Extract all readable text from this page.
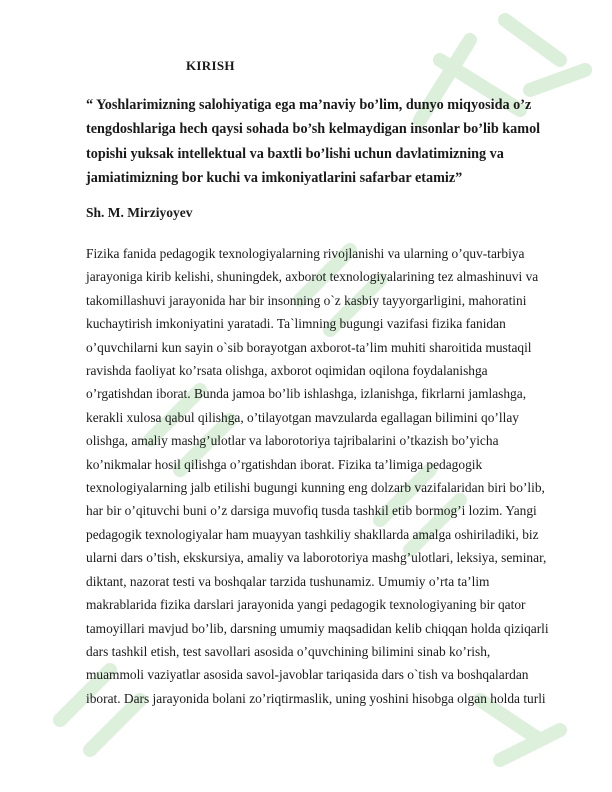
KIRISH

“ Yoshlarimizning salohiyatiga ega ma’naviy bo’lim, dunyo miqyosida o’z
tengdoshlariga hech qaysi sohada bo’sh kelmaydigan insonlar bo’lib kamol
topishi yuksak intellektual va baxtli bo’lishi uchun davlatimizning va
jamiatimizning bor kuchi va imkoniyatlarini safarbar etamiz”

Sh. M. Mirziyoyev

Fizika fanida pedagogik texnologiyalarning rivojlanishi va ularning o’quv-tarbiya
jarayoniga kirib kelishi, shuningdek, axborot texnologiyalarining tez almashinuvi va
takomillashuvi jarayonida har bir insonning o`z kasbiy tayyorgarligini, mahoratini
kuchaytirish imkoniyatini yaratadi. Ta`limning bugungi vazifasi fizika fanidan
o’quvchilarni kun sayin o`sib borayotgan axborot-ta’lim muhiti sharoitida mustaqil
ravishda faoliyat ko’rsata olishga, axborot oqimidan oqilona foydalanishga
o’rgatishdan iborat. Bunda jamoa bo’lib ishlashga, izlanishga, fikrlarni jamlashga,
kerakli xulosa qabul qilishga, o’tilayotgan mavzularda egallagan bilimini qo’llay
olishga, amaliy mashg’ulotlar va laborotoriya tajribalarini o’tkazish bo’yicha
ko’nikmalar hosil qilishga o’rgatishdan iborat. Fizika ta’limiga pedagogik
texnologiyalarning jalb etilishi bugungi kunning eng dolzarb vazifalaridan biri bo’lib,
har bir o’qituvchi buni o’z darsiga muvofiq tusda tashkil etib bormog’i lozim. Yangi
pedagogik texnologiyalar ham muayyan tashkiliy shakllarda amalga oshiriladiki, biz
ularni dars o’tish, ekskursiya, amaliy va laborotoriya mashg’ulotlari, leksiya, seminar,
diktant, nazorat testi va boshqalar tarzida tushunamiz. Umumiy o’rta ta’lim
makrablarida fizika darslari jarayonida yangi pedagogik texnologiyaning bir qator
tamoyillari mavjud bo’lib, darsning umumiy maqsadidan kelib chiqqan holda qiziqarli
dars tashkil etish, test savollari asosida o’quvchining bilimini sinab ko’rish,
muammoli vaziyatlar asosida savol-javoblar tariqasida dars o`tish va boshqalardan
iborat. Dars jarayonida bolani zo’riqtirmaslik, uning yoshini hisobga olgan holda turli
